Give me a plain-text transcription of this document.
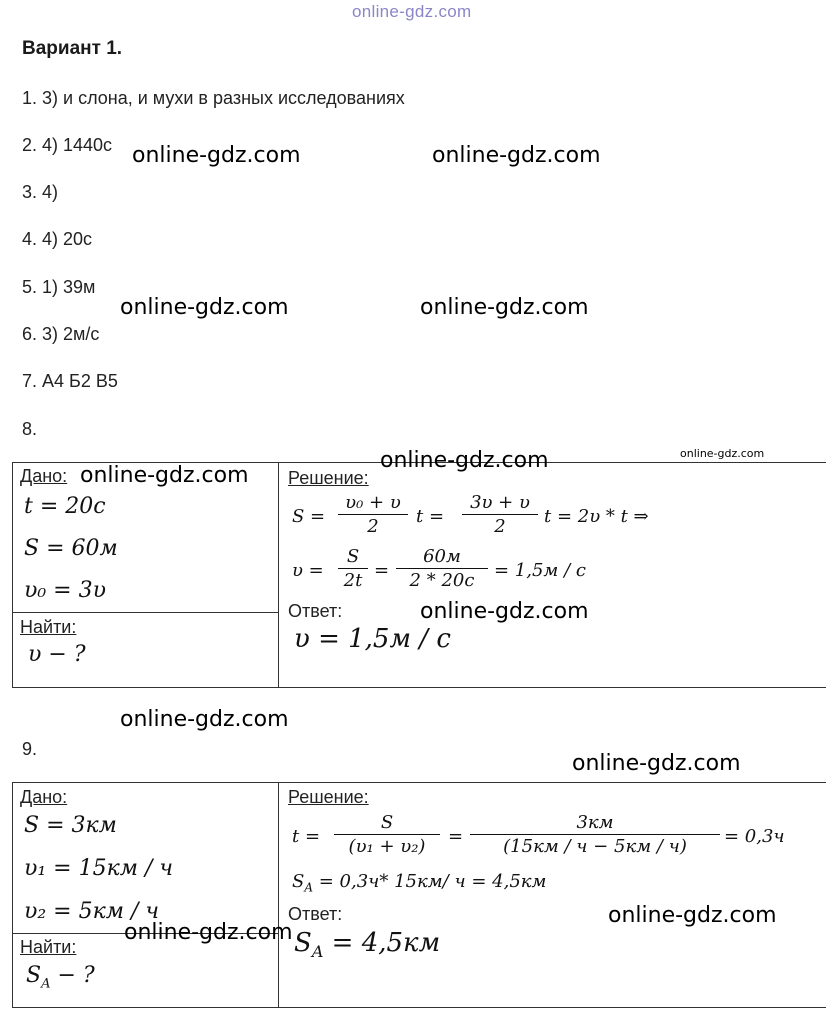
online-gdz.com
Вариант 1.
1. 3) и слона, и мухи в разных исследованиях
2. 4) 1440с
3. 4)
4. 4) 20с
5. 1) 39м
6. 3) 2м/с
7. А4 Б2 В5
8.
Дано:
t = 20с
S = 60м
υ₀ = 3υ
Найти:
υ − ?
Решение:
S =
υ₀ + υ
2	t =
3υ + υ
2	t = 2υ * t ⇒
υ =
S
2t =
60м
2 * 20с	= 1,5м / с
Ответ:
υ = 1,5м / с
9.
Дано:
S = 3км
υ₁ = 15км / ч
υ₂ = 5км / ч
Найти:
$S_A$ − ?
Решение:
t =
S
(υ₁ + υ₂)	=
3км
(15км / ч − 5км / ч)	= 0,3ч
$S_A = 0,3ч*$ 15км/ ч = 4,5км
Ответ:
$S_A = 4,5км$
online-gdz.com	online-gdz.com
online-gdz.com	online-gdz.com
online-gdz.com	online-gdz.com
online-gdz.com
online-gdz.com
online-gdz.com
online-gdz.com
online-gdz.com
online-gdz.com
